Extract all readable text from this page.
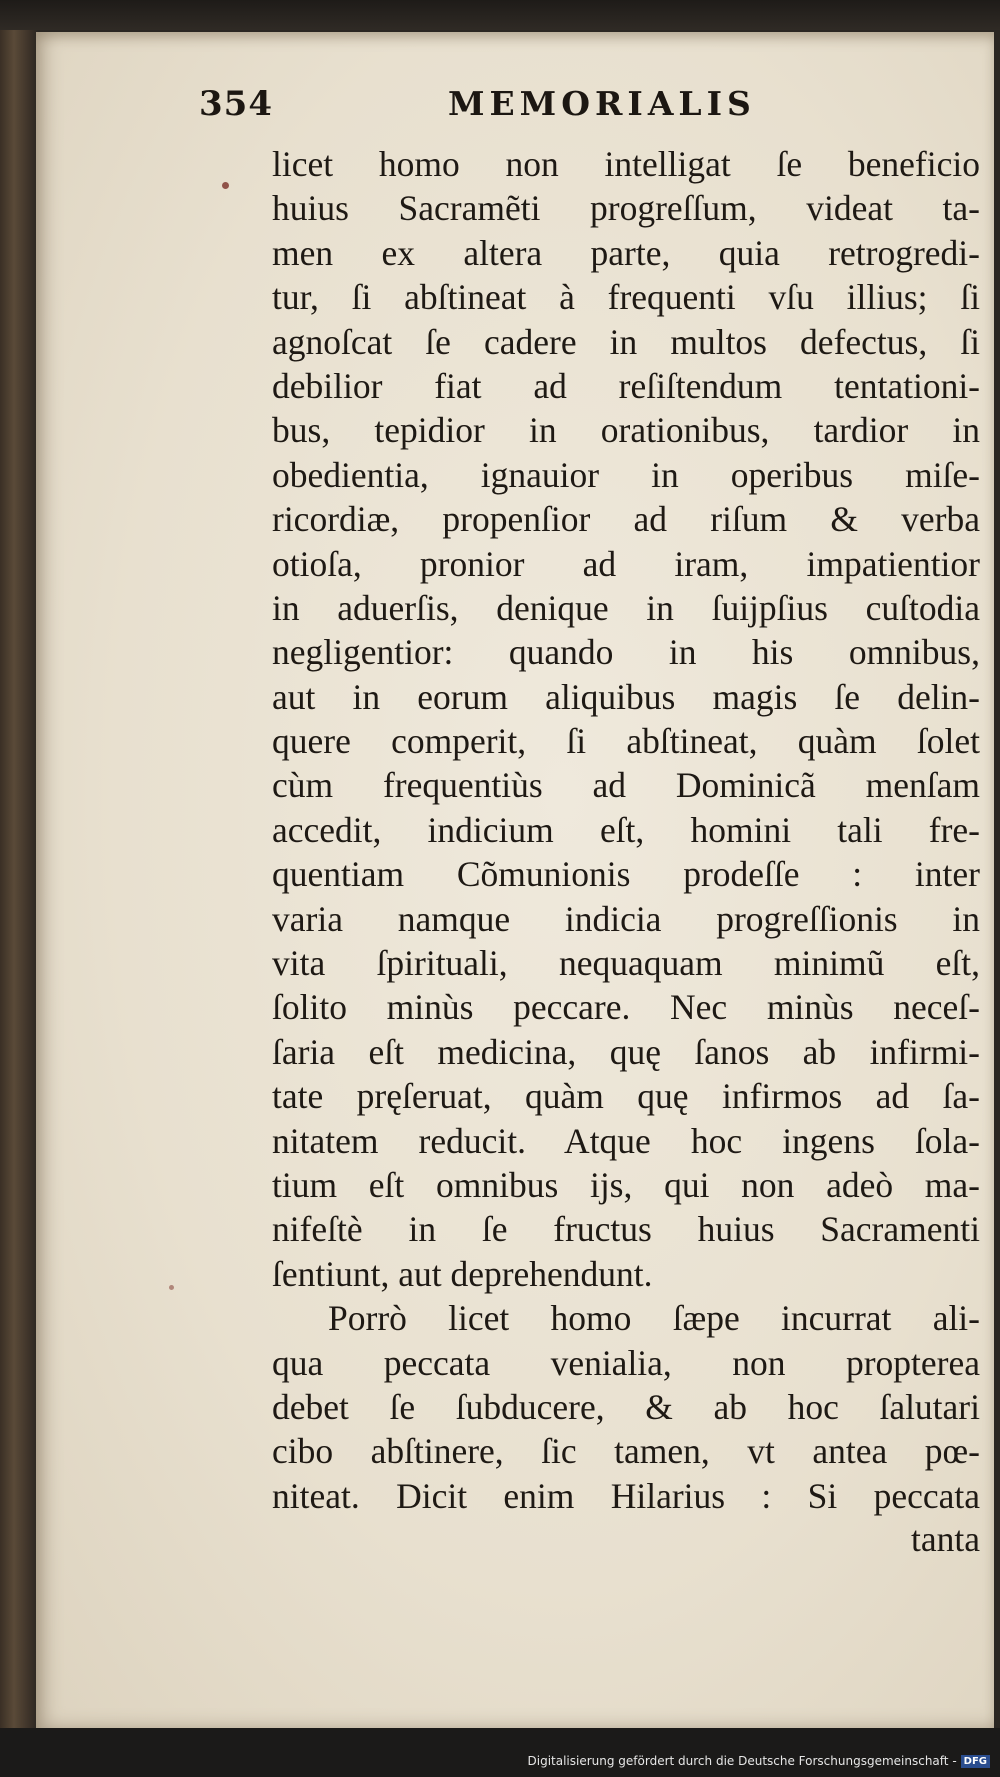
354	MEMORIALIS
licet homo non intelligat ſe beneficio
huius Sacramẽti progreſſum, videat ta-
men ex altera parte, quia retrogredi-
tur, ſi abſtineat à frequenti vſu illius; ſi
agnoſcat ſe cadere in multos defectus, ſi
debilior fiat ad reſiſtendum tentationi-
bus, tepidior in orationibus, tardior in
obedientia, ignauior in operibus miſe-
ricordiæ, propenſior ad riſum & verba
otioſa, pronior ad iram, impatientior
in aduerſis, denique in ſuijpſius cuſtodia
negligentior: quando in his omnibus,
aut in eorum aliquibus magis ſe delin-
quere comperit, ſi abſtineat, quàm ſolet
cùm frequentiùs ad Dominicã menſam
accedit, indicium eſt, homini tali fre-
quentiam Cõmunionis prodeſſe : inter
varia namque indicia progreſſionis in
vita ſpirituali, nequaquam minimũ eſt,
ſolito minùs peccare. Nec minùs neceſ-
ſaria eſt medicina, quę ſanos ab infirmi-
tate pręſeruat, quàm quę infirmos ad ſa-
nitatem reducit. Atque hoc ingens ſola-
tium eſt omnibus ijs, qui non adeò ma-
nifeſtè in ſe fructus huius Sacramenti
ſentiunt, aut deprehendunt.
Porrò licet homo ſæpe incurrat ali-
qua peccata venialia, non propterea
debet ſe ſubducere, & ab hoc ſalutari
cibo abſtinere, ſic tamen, vt antea pœ-
niteat. Dicit enim Hilarius : Si peccata
tanta
Digitalisierung gefördert durch die Deutsche Forschungsgemeinschaft - DFG
